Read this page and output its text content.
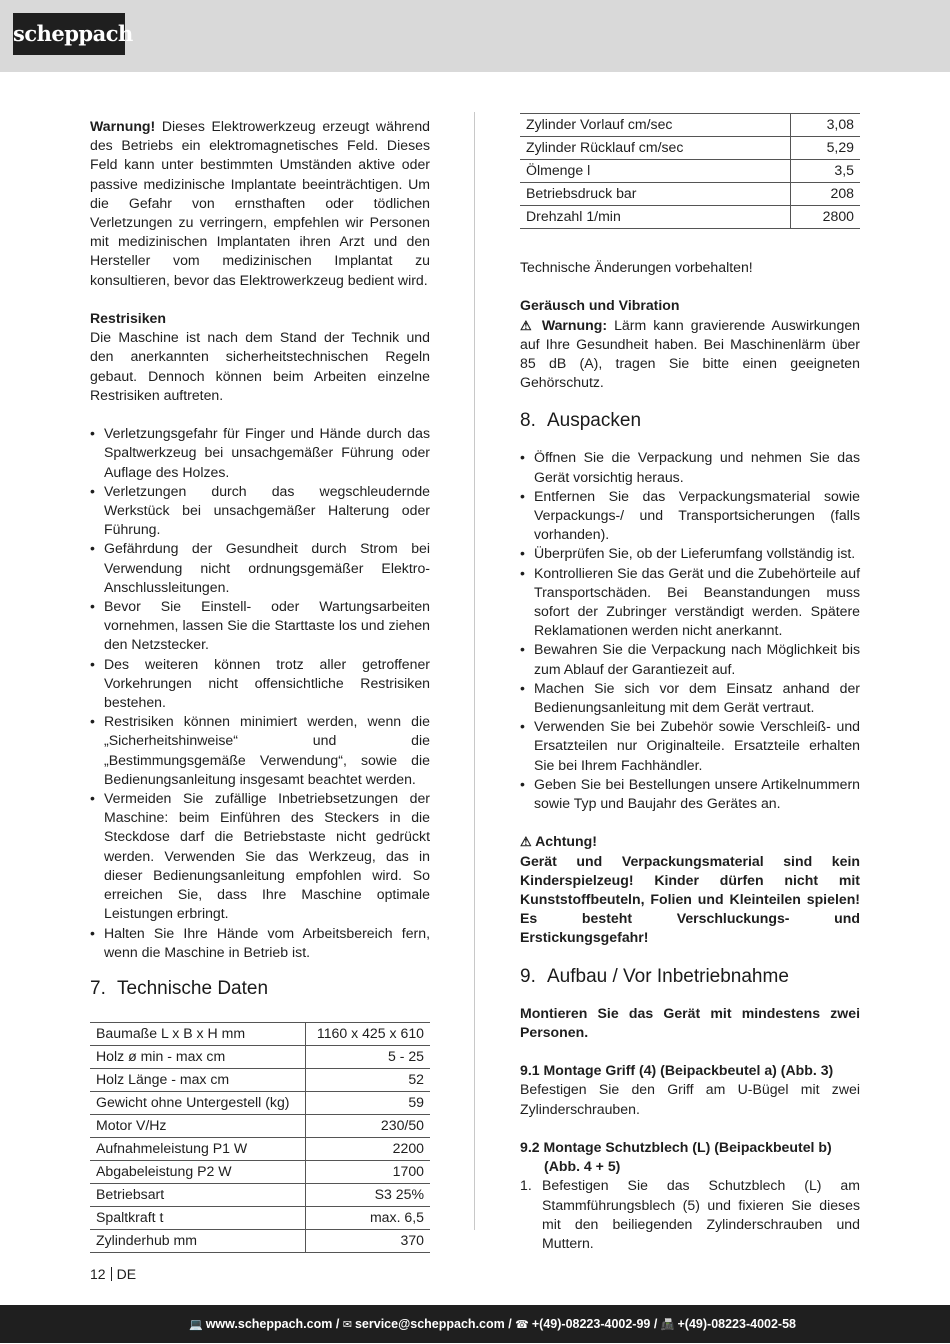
scheppach

Warnung! Dieses Elektrowerkzeug erzeugt während des Betriebs ein elektromagnetisches Feld. Dieses Feld kann unter bestimmten Umständen aktive oder passive medizinische Implantate beeinträchtigen. Um die Gefahr von ernsthaften oder tödlichen Verletzungen zu verringern, empfehlen wir Personen mit medizinischen Implantaten ihren Arzt und den Hersteller vom medizinischen Implantat zu konsultieren, bevor das Elektrowerkzeug bedient wird.

Restrisiken

Die Maschine ist nach dem Stand der Technik und den anerkannten sicherheitstechnischen Regeln gebaut. Dennoch können beim Arbeiten einzelne Restrisiken auftreten.

• Verletzungsgefahr für Finger und Hände durch das Spaltwerkzeug bei unsachgemäßer Führung oder Auflage des Holzes.
• Verletzungen durch das wegschleudernde Werkstück bei unsachgemäßer Halterung oder Führung.
• Gefährdung der Gesundheit durch Strom bei Verwendung nicht ordnungsgemäßer Elektro-Anschlussleitungen.
• Bevor Sie Einstell- oder Wartungsarbeiten vornehmen, lassen Sie die Starttaste los und ziehen den Netzstecker.
• Des weiteren können trotz aller getroffener Vorkehrungen nicht offensichtliche Restrisiken bestehen.
• Restrisiken können minimiert werden, wenn die „Sicherheitshinweise“ und die „Bestimmungsgemäße Verwendung“, sowie die Bedienungsanleitung insgesamt beachtet werden.
• Vermeiden Sie zufällige Inbetriebsetzungen der Maschine: beim Einführen des Steckers in die Steckdose darf die Betriebstaste nicht gedrückt werden. Verwenden Sie das Werkzeug, das in dieser Bedienungsanleitung empfohlen wird. So erreichen Sie, dass Ihre Maschine optimale Leistungen erbringt.
• Halten Sie Ihre Hände vom Arbeitsbereich fern, wenn die Maschine in Betrieb ist.
7. Technische Daten
Baumaße L x B x H mm	1160 x 425 x 610
Holz ø min - max cm	5 - 25
Holz Länge - max cm	52
Gewicht ohne Untergestell (kg)	59
Motor V/Hz	230/50
Aufnahmeleistung P1 W	2200
Abgabeleistung P2 W	1700
Betriebsart	S3 25%
Spaltkraft t	max. 6,5
Zylinderhub mm	370
Zylinder Vorlauf cm/sec	3,08
Zylinder Rücklauf cm/sec	5,29
Ölmenge l	3,5
Betriebsdruck bar	208
Drehzahl 1/min	2800

Technische Änderungen vorbehalten!

Geräusch und Vibration

⚠ Warnung: Lärm kann gravierende Auswirkungen auf Ihre Gesundheit haben. Bei Maschinenlärm über 85 dB (A), tragen Sie bitte einen geeigneten Gehörschutz.

8. Auspacken
• Öffnen Sie die Verpackung und nehmen Sie das Gerät vorsichtig heraus.
• Entfernen Sie das Verpackungsmaterial sowie Verpackungs-/ und Transportsicherungen (falls vorhanden).
• Überprüfen Sie, ob der Lieferumfang vollständig ist.
• Kontrollieren Sie das Gerät und die Zubehörteile auf Transportschäden. Bei Beanstandungen muss sofort der Zubringer verständigt werden. Spätere Reklamationen werden nicht anerkannt.
• Bewahren Sie die Verpackung nach Möglichkeit bis zum Ablauf der Garantiezeit auf.
• Machen Sie sich vor dem Einsatz anhand der Bedienungsanleitung mit dem Gerät vertraut.
• Verwenden Sie bei Zubehör sowie Verschleiß- und Ersatzteilen nur Originalteile. Ersatzteile erhalten Sie bei Ihrem Fachhändler.
• Geben Sie bei Bestellungen unsere Artikelnummern sowie Typ und Baujahr des Gerätes an.

⚠ Achtung!

Gerät und Verpackungsmaterial sind kein Kinderspielzeug! Kinder dürfen nicht mit Kunststoffbeuteln, Folien und Kleinteilen spielen! Es besteht Verschluckungs- und Erstickungsgefahr!

9. Aufbau / Vor Inbetriebnahme

Montieren Sie das Gerät mit mindestens zwei Personen.

9.1 Montage Griff (4) (Beipackbeutel a) (Abb. 3)

Befestigen Sie den Griff am U-Bügel mit zwei Zylinderschrauben.

9.2 Montage Schutzblech (L) (Beipackbeutel b)

(Abb. 4 + 5)

1. Befestigen Sie das Schutzblech (L) am Stammführungsblech (5) und fixieren Sie dieses mit den beiliegenden Zylinderschrauben und Muttern.
12 DE
💻 www.scheppach.com / ✉ service@scheppach.com / ☎ +(49)-08223-4002-99 / 📠 +(49)-08223-4002-58
